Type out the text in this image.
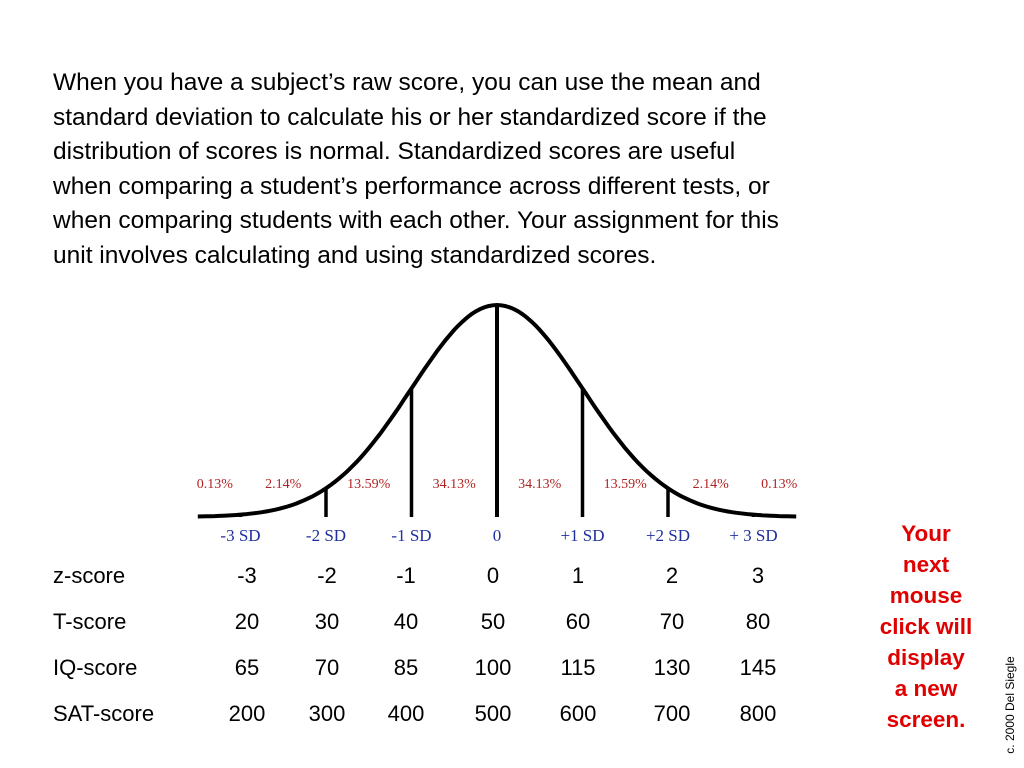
When you have a subject’s raw score, you can use the mean and
standard deviation to calculate his or her standardized score if the
distribution of scores is normal. Standardized scores are useful
when comparing a student’s performance across different tests, or
when comparing students with each other. Your assignment for this
unit involves calculating and using standardized scores.
0.13% 2.14%	13.59%	34.13%	34.13%	13.59%	2.14% 0.13%
-3 SD	-2 SD	-1 SD	0	+1 SD +2 SD + 3 SD
z-score	-3	-2	-1	0	1	2	3
T-score	20	30 40	50	60	70	80
IQ-score	65	70 85	100 115	130 145
SAT-score	200 300 400 500 600	700 800
Your
next
mouse
click will
display
a new
screen.	c. 2000 Del Siegle
